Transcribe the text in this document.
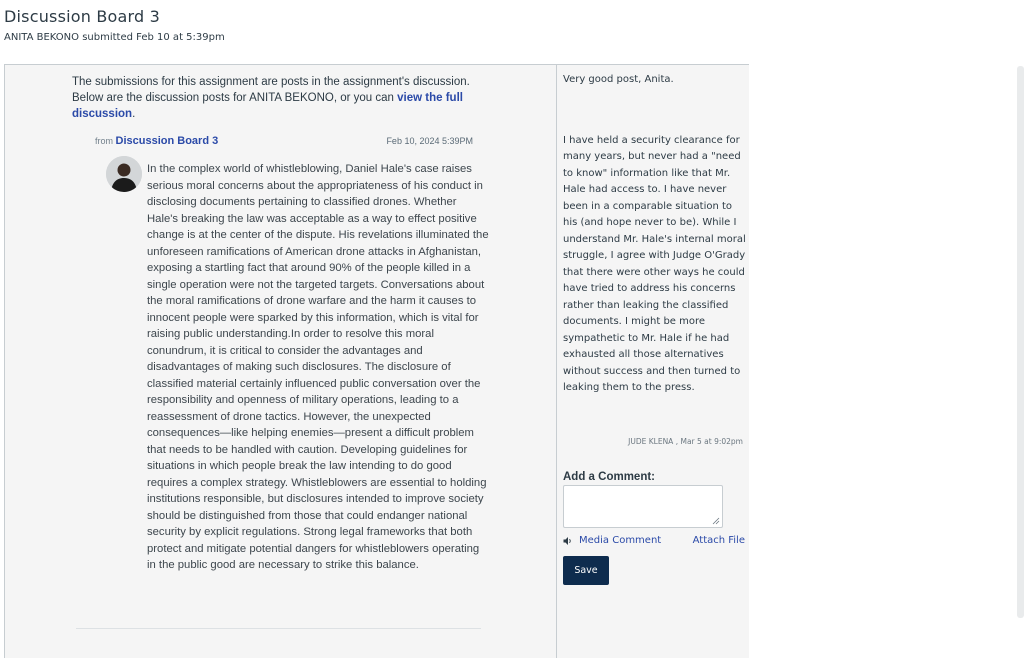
Discussion Board 3
ANITA BEKONO submitted Feb 10 at 5:39pm
The submissions for this assignment are posts in the assignment's discussion. Below are the discussion posts for ANITA BEKONO, or you can view the full discussion.
from Discussion Board 3	Feb 10, 2024 5:39PM
In the complex world of whistleblowing, Daniel Hale's case raises serious moral concerns about the appropriateness of his conduct in disclosing documents pertaining to classified drones. Whether Hale's breaking the law was acceptable as a way to effect positive change is at the center of the dispute. His revelations illuminated the unforeseen ramifications of American drone attacks in Afghanistan, exposing a startling fact that around 90% of the people killed in a single operation were not the targeted targets. Conversations about the moral ramifications of drone warfare and the harm it causes to innocent people were sparked by this information, which is vital for raising public understanding.In order to resolve this moral conundrum, it is critical to consider the advantages and disadvantages of making such disclosures. The disclosure of classified material certainly influenced public conversation over the responsibility and openness of military operations, leading to a reassessment of drone tactics. However, the unexpected consequences—like helping enemies—present a difficult problem that needs to be handled with caution. Developing guidelines for situations in which people break the law intending to do good requires a complex strategy. Whistleblowers are essential to holding institutions responsible, but disclosures intended to improve society should be distinguished from those that could endanger national security by explicit regulations. Strong legal frameworks that both protect and mitigate potential dangers for whistleblowers operating in the public good are necessary to strike this balance.
Very good post, Anita.
I have held a security clearance for many years, but never had a "need to know" information like that Mr. Hale had access to. I have never been in a comparable situation to his (and hope never to be). While I understand Mr. Hale's internal moral struggle, I agree with Judge O'Grady that there were other ways he could have tried to address his concerns rather than leaking the classified documents. I might be more sympathetic to Mr. Hale if he had exhausted all those alternatives without success and then turned to leaking them to the press.
JUDE KLENA , Mar 5 at 9:02pm
Add a Comment:
Media Comment	Attach File
Save
